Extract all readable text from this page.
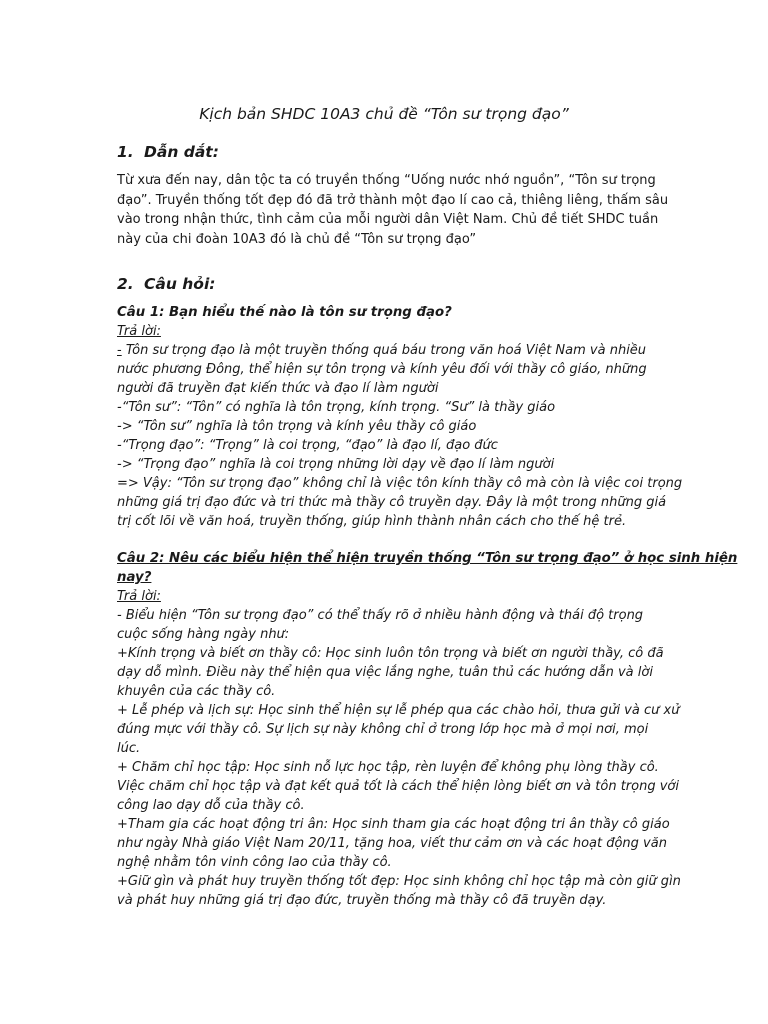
Kịch bản SHDC 10A3 chủ đề “Tôn sư trọng đạo”
1. Dẫn dắt:
Từ xưa đến nay, dân tộc ta có truyền thống “Uống nước nhớ nguồn”, “Tôn sư trọng
đạo”. Truyền thống tốt đẹp đó đã trở thành một đạo lí cao cả, thiêng liêng, thấm sâu
vào trong nhận thức, tình cảm của mỗi người dân Việt Nam. Chủ đề tiết SHDC tuần
này của chi đoàn 10A3 đó là chủ đề “Tôn sư trọng đạo”
2. Câu hỏi:
Câu 1: Bạn hiểu thế nào là tôn sư trọng đạo?
Trả lời:
- Tôn sư trọng đạo là một truyền thống quá báu trong văn hoá Việt Nam và nhiều
nước phương Đông, thể hiện sự tôn trọng và kính yêu đối với thầy cô giáo, những
người đã truyền đạt kiến thức và đạo lí làm người
-“Tôn sư”: “Tôn” có nghĩa là tôn trọng, kính trọng. “Sư” là thầy giáo
-> “Tôn sư” nghĩa là tôn trọng và kính yêu thầy cô giáo
-“Trọng đạo”: “Trọng” là coi trọng, “đạo” là đạo lí, đạo đức
-> “Trọng đạo” nghĩa là coi trọng những lời dạy về đạo lí làm người
=> Vậy: “Tôn sư trọng đạo” không chỉ là việc tôn kính thầy cô mà còn là việc coi trọng
những giá trị đạo đức và tri thức mà thầy cô truyền dạy. Đây là một trong những giá
trị cốt lõi về văn hoá, truyền thống, giúp hình thành nhân cách cho thế hệ trẻ.
Câu 2: Nêu các biểu hiện thể hiện truyền thống “Tôn sư trọng đạo” ở học sinh hiện
nay?
Trả lời:
- Biểu hiện “Tôn sư trọng đạo” có thể thấy rõ ở nhiều hành động và thái độ trọng
cuộc sống hàng ngày như:
+Kính trọng và biết ơn thầy cô: Học sinh luôn tôn trọng và biết ơn người thầy, cô đã
dạy dỗ mình. Điều này thể hiện qua việc lắng nghe, tuân thủ các hướng dẫn và lời
khuyên của các thầy cô.
+ Lễ phép và lịch sự: Học sinh thể hiện sự lễ phép qua các chào hỏi, thưa gửi và cư xử
đúng mực với thầy cô. Sự lịch sự này không chỉ ở trong lớp học mà ở mọi nơi, mọi
lúc.
+ Chăm chỉ học tập: Học sinh nỗ lực học tập, rèn luyện để không phụ lòng thầy cô.
Việc chăm chỉ học tập và đạt kết quả tốt là cách thể hiện lòng biết ơn và tôn trọng với
công lao dạy dỗ của thầy cô.
+Tham gia các hoạt động tri ân: Học sinh tham gia các hoạt động tri ân thầy cô giáo
như ngày Nhà giáo Việt Nam 20/11, tặng hoa, viết thư cảm ơn và các hoạt động văn
nghệ nhằm tôn vinh công lao của thầy cô.
+Giữ gìn và phát huy truyền thống tốt đẹp: Học sinh không chỉ học tập mà còn giữ gìn
và phát huy những giá trị đạo đức, truyền thống mà thầy cô đã truyền dạy.
